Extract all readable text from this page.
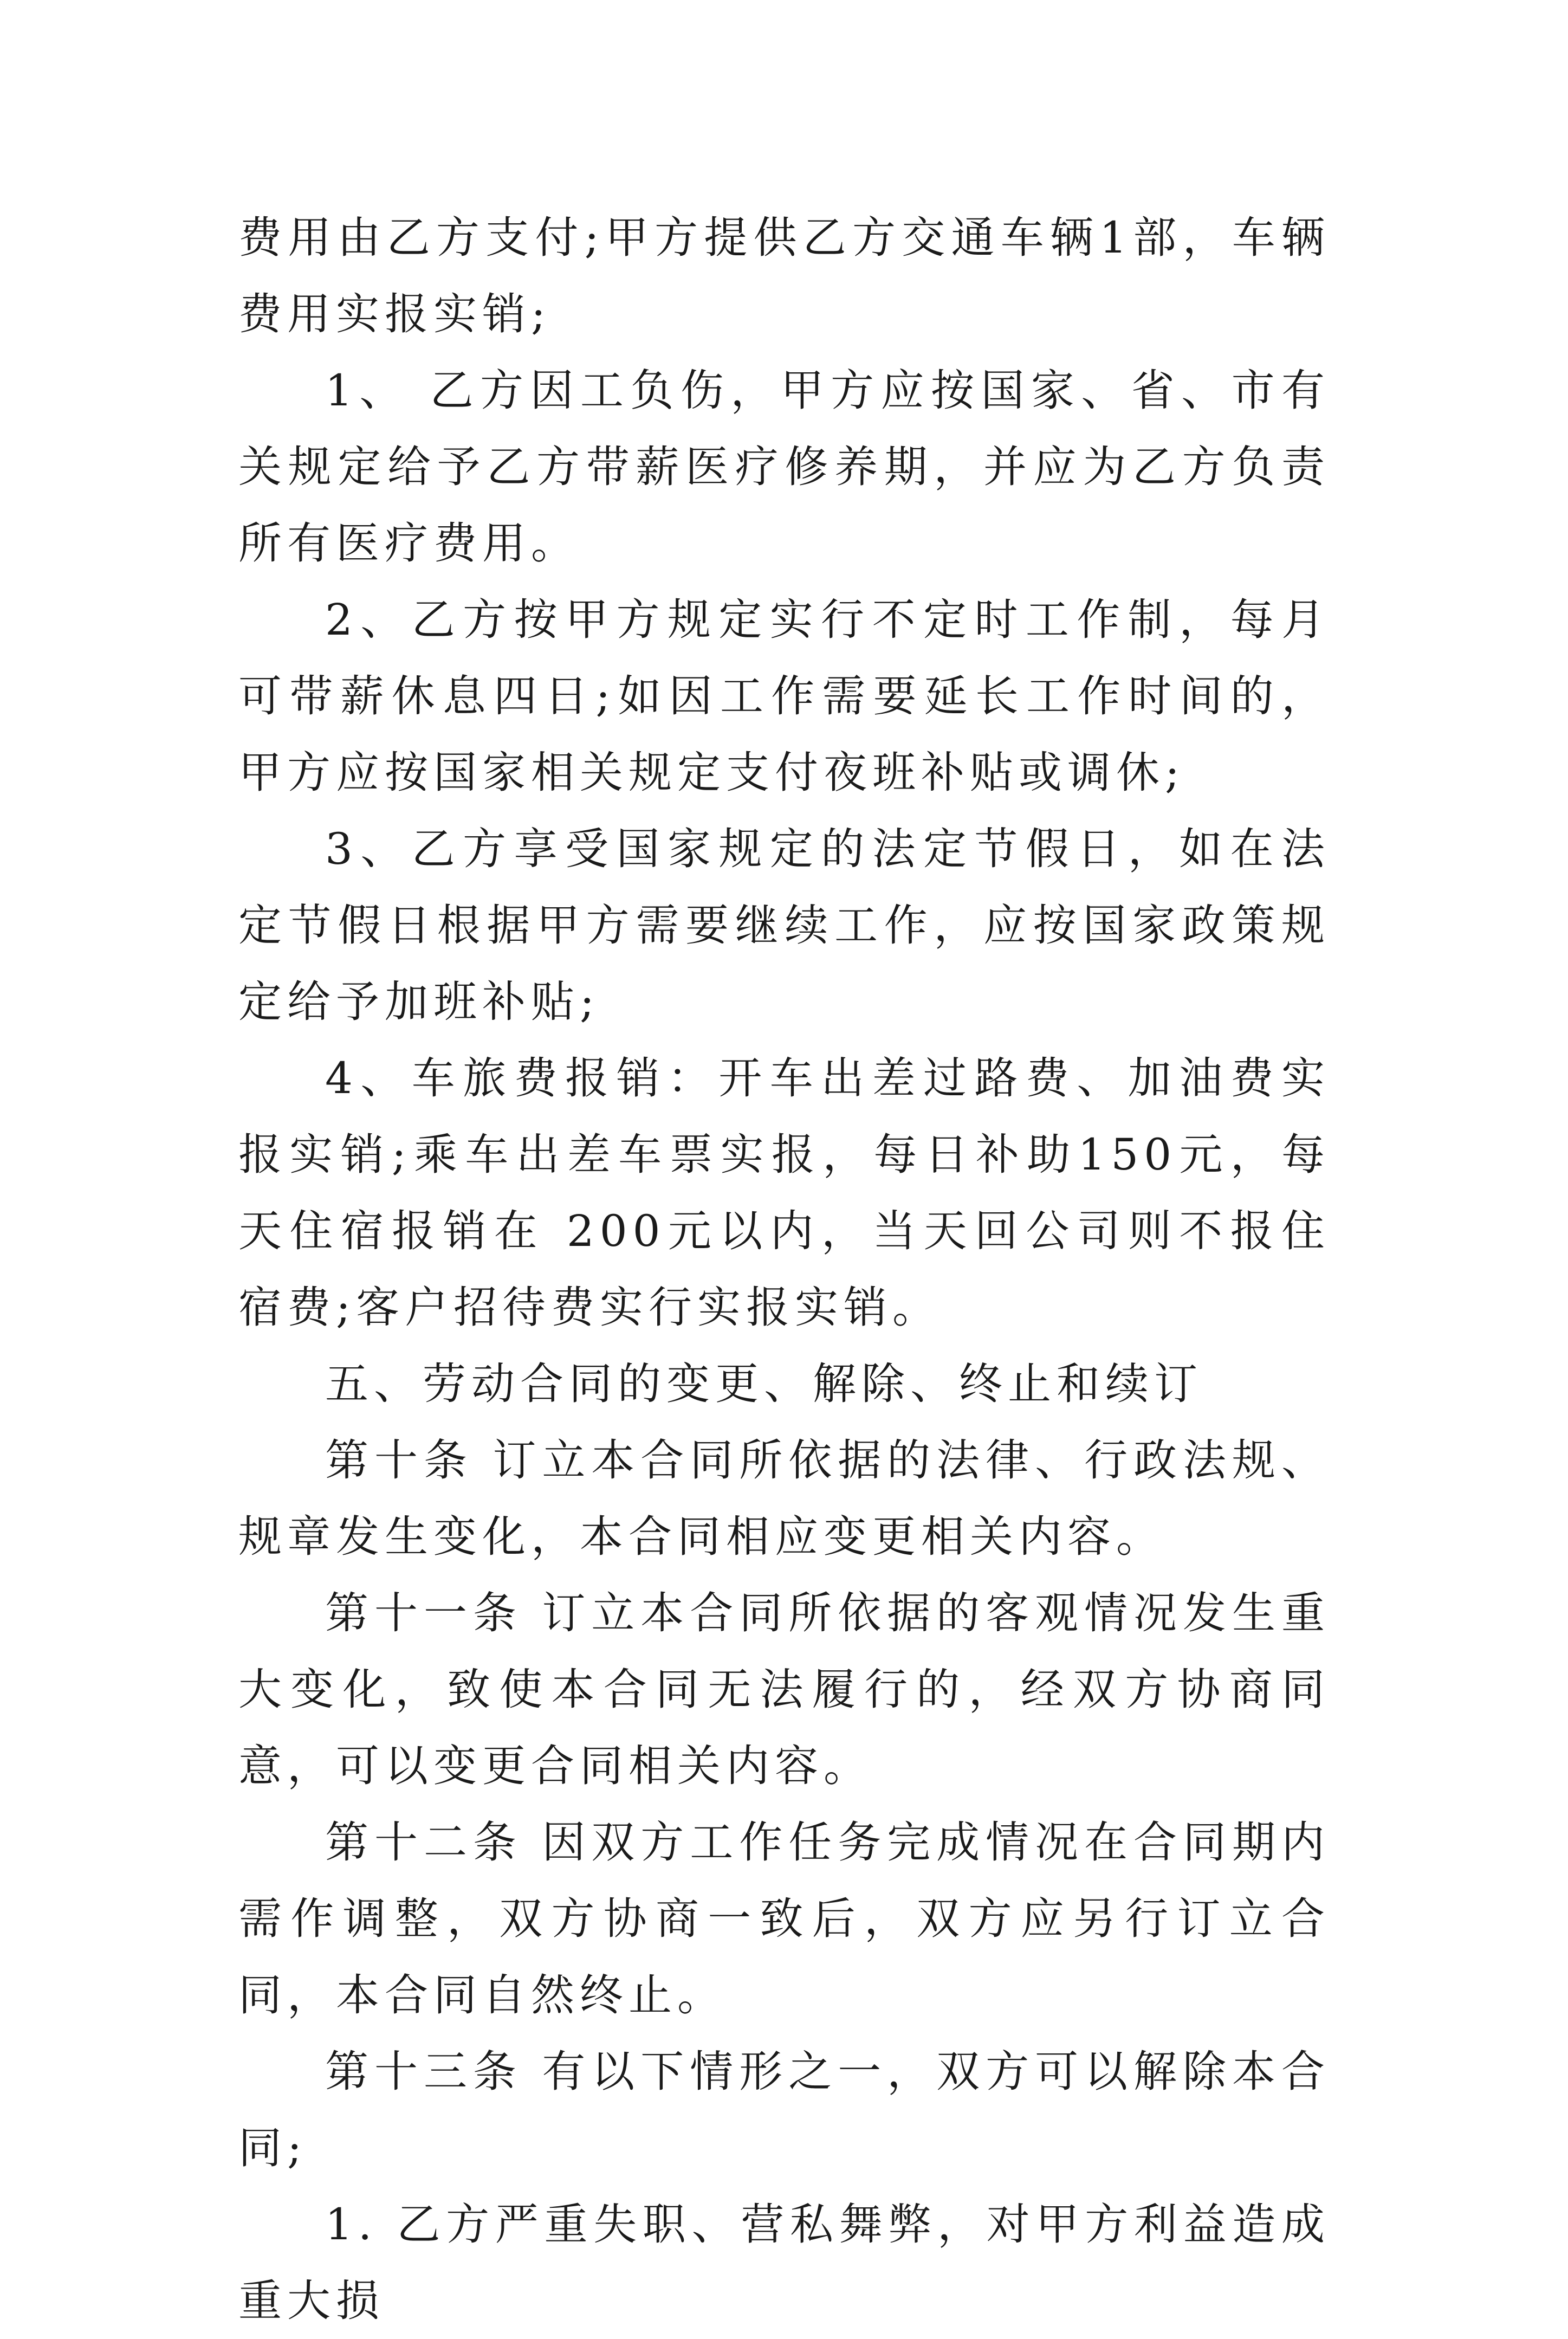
费用由乙方支付;甲方提供乙方交通车辆1部，车辆费用实报实销;

1、 乙方因工负伤，甲方应按国家、省、市有关规定给予乙方带薪医疗修养期，并应为乙方负责所有医疗费用。

2、乙方按甲方规定实行不定时工作制，每月可带薪休息四日;如因工作需要延长工作时间的，甲方应按国家相关规定支付夜班补贴或调休;

3、乙方享受国家规定的法定节假日，如在法定节假日根据甲方需要继续工作，应按国家政策规定给予加班补贴;

4、车旅费报销：开车出差过路费、加油费实报实销;乘车出差车票实报，每日补助150元，每天住宿报销在 200元以内，当天回公司则不报住宿费;客户招待费实行实报实销。

五、劳动合同的变更、解除、终止和续订

第十条 订立本合同所依据的法律、行政法规、规章发生变化，本合同相应变更相关内容。

第十一条 订立本合同所依据的客观情况发生重大变化，致使本合同无法履行的，经双方协商同意，可以变更合同相关内容。

第十二条 因双方工作任务完成情况在合同期内需作调整，双方协商一致后，双方应另行订立合同，本合同自然终止。

第十三条 有以下情形之一，双方可以解除本合同;

1. 乙方严重失职、营私舞弊，对甲方利益造成重大损
